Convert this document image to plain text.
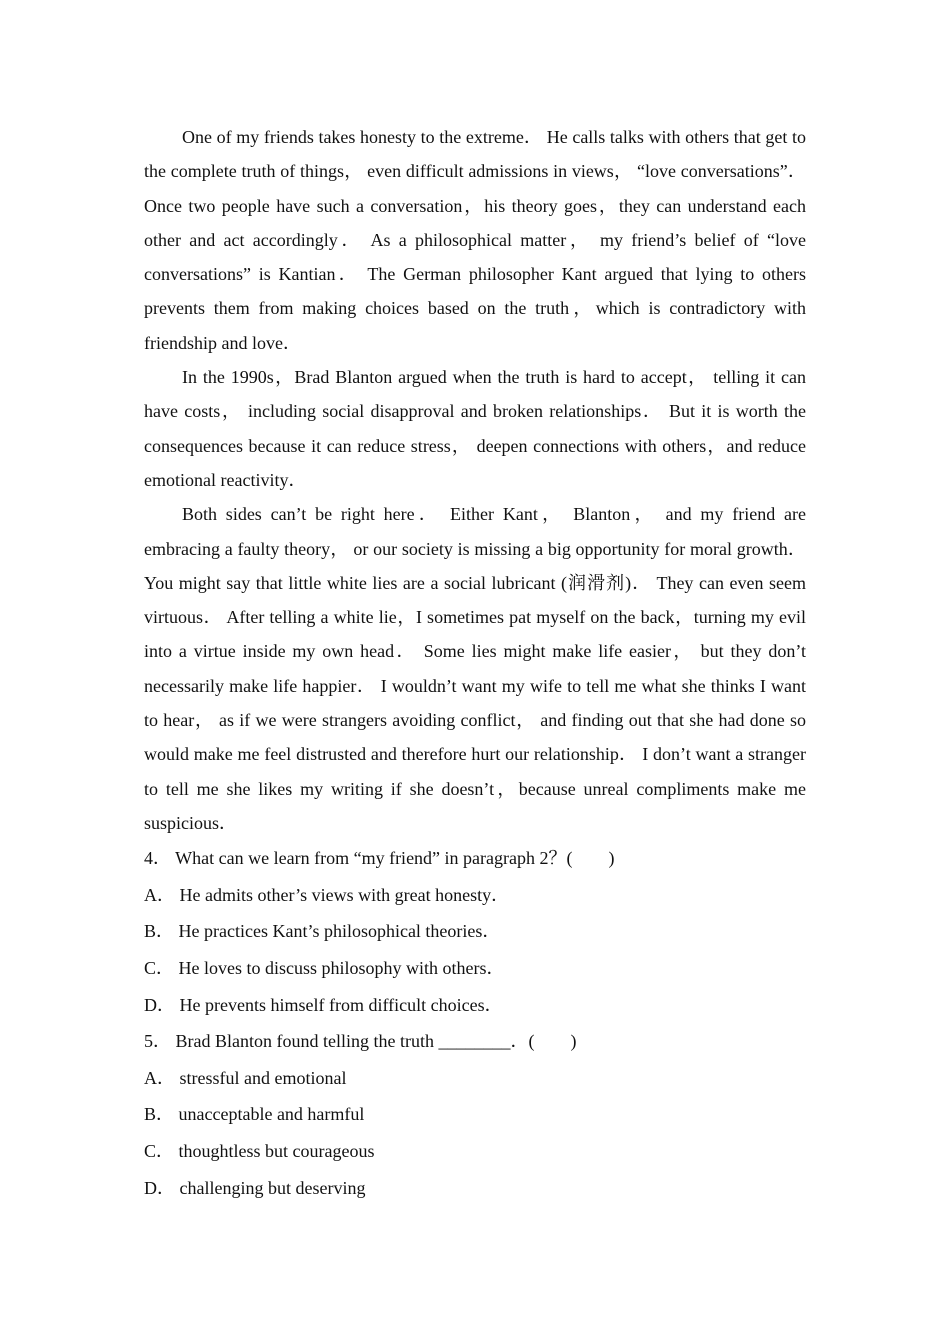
One of my friends takes honesty to the extreme． He calls talks with others that get to the complete truth of things， even difficult admissions in views， “love conversations”． Once two people have such a conversation，his theory goes，they can understand each other and act accordingly． As a philosophical matter， my friend’s belief of “love conversations” is Kantian． The German philosopher Kant argued that lying to others prevents them from making choices based on the truth，which is contradictory with friendship and love．

In the 1990s，Brad Blanton argued when the truth is hard to accept， telling it can have costs， including social disapproval and broken relationships． But it is worth the consequences because it can reduce stress， deepen connections with others，and reduce emotional reactivity．

Both sides can’t be right here． Either Kant， Blanton， and my friend are embracing a faulty theory， or our society is missing a big opportunity for moral growth． You might say that little white lies are a social lubricant (润滑剂)． They can even seem virtuous． After telling a white lie，I sometimes pat myself on the back，turning my evil into a virtue inside my own head． Some lies might make life easier， but they don’t necessarily make life happier． I wouldn’t want my wife to tell me what she thinks I want to hear， as if we were strangers avoiding conflict， and finding out that she had done so would make me feel distrusted and therefore hurt our relationship． I don’t want a stranger to tell me she likes my writing if she doesn’t，because unreal compliments make me suspicious．

4． What can we learn from “my friend” in paragraph 2？(　　)

A． He admits other’s views with great honesty．

B． He practices Kant’s philosophical theories．

C． He loves to discuss philosophy with others．

D． He prevents himself from difficult choices．

5． Brad Blanton found telling the truth ________．(　　)

A． stressful and emotional

B． unacceptable and harmful

C． thoughtless but courageous

D． challenging but deserving
